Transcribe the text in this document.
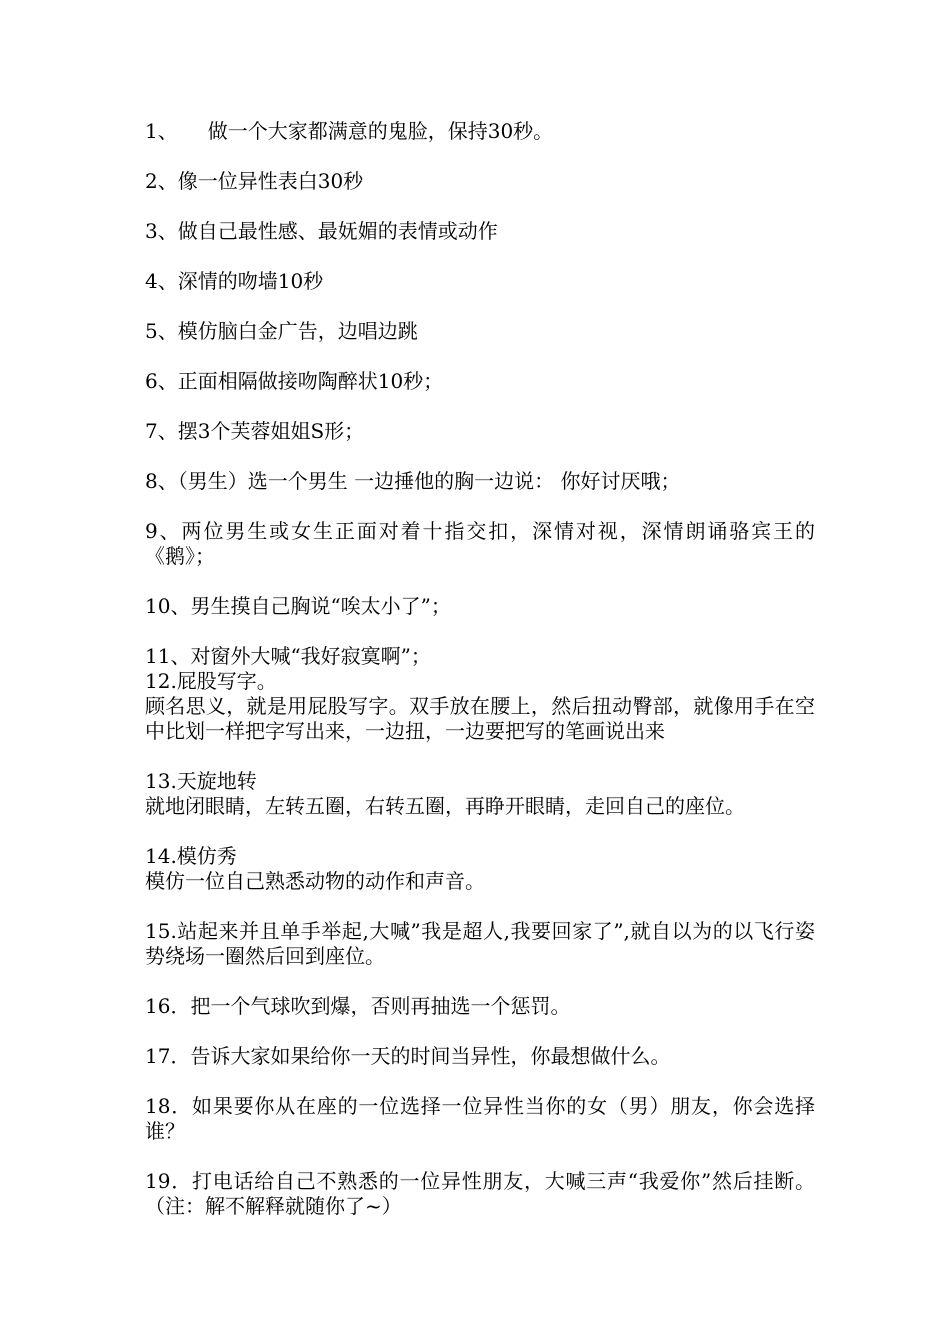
1、 做一个大家都满意的鬼脸，保持30秒。
2、像一位异性表白30秒
3、做自己最性感、最妩媚的表情或动作
4、深情的吻墙10秒
5、模仿脑白金广告，边唱边跳
6、正面相隔做接吻陶醉状10秒；
7、摆3个芙蓉姐姐S形；
8、（男生）选一个男生 一边捶他的胸一边说： 你好讨厌哦；
9、两位男生或女生正面对着十指交扣，深情对视，深情朗诵骆宾王的《鹅》；
10、男生摸自己胸说“唉太小了”；
11、对窗外大喊“我好寂寞啊”；
12.屁股写字。
顾名思义，就是用屁股写字。双手放在腰上，然后扭动臀部，就像用手在空中比划一样把字写出来，一边扭，一边要把写的笔画说出来
13.天旋地转
就地闭眼睛，左转五圈，右转五圈，再睁开眼睛，走回自己的座位。
14.模仿秀
模仿一位自己熟悉动物的动作和声音。
15.站起来并且单手举起,大喊”我是超人,我要回家了”,就自以为的以飞行姿势绕场一圈然后回到座位。
16．把一个气球吹到爆，否则再抽选一个惩罚。
17．告诉大家如果给你一天的时间当异性，你最想做什么。
18．如果要你从在座的一位选择一位异性当你的女（男）朋友，你会选择谁？
19．打电话给自己不熟悉的一位异性朋友，大喊三声“我爱你”然后挂断。（注：解不解释就随你了~）
